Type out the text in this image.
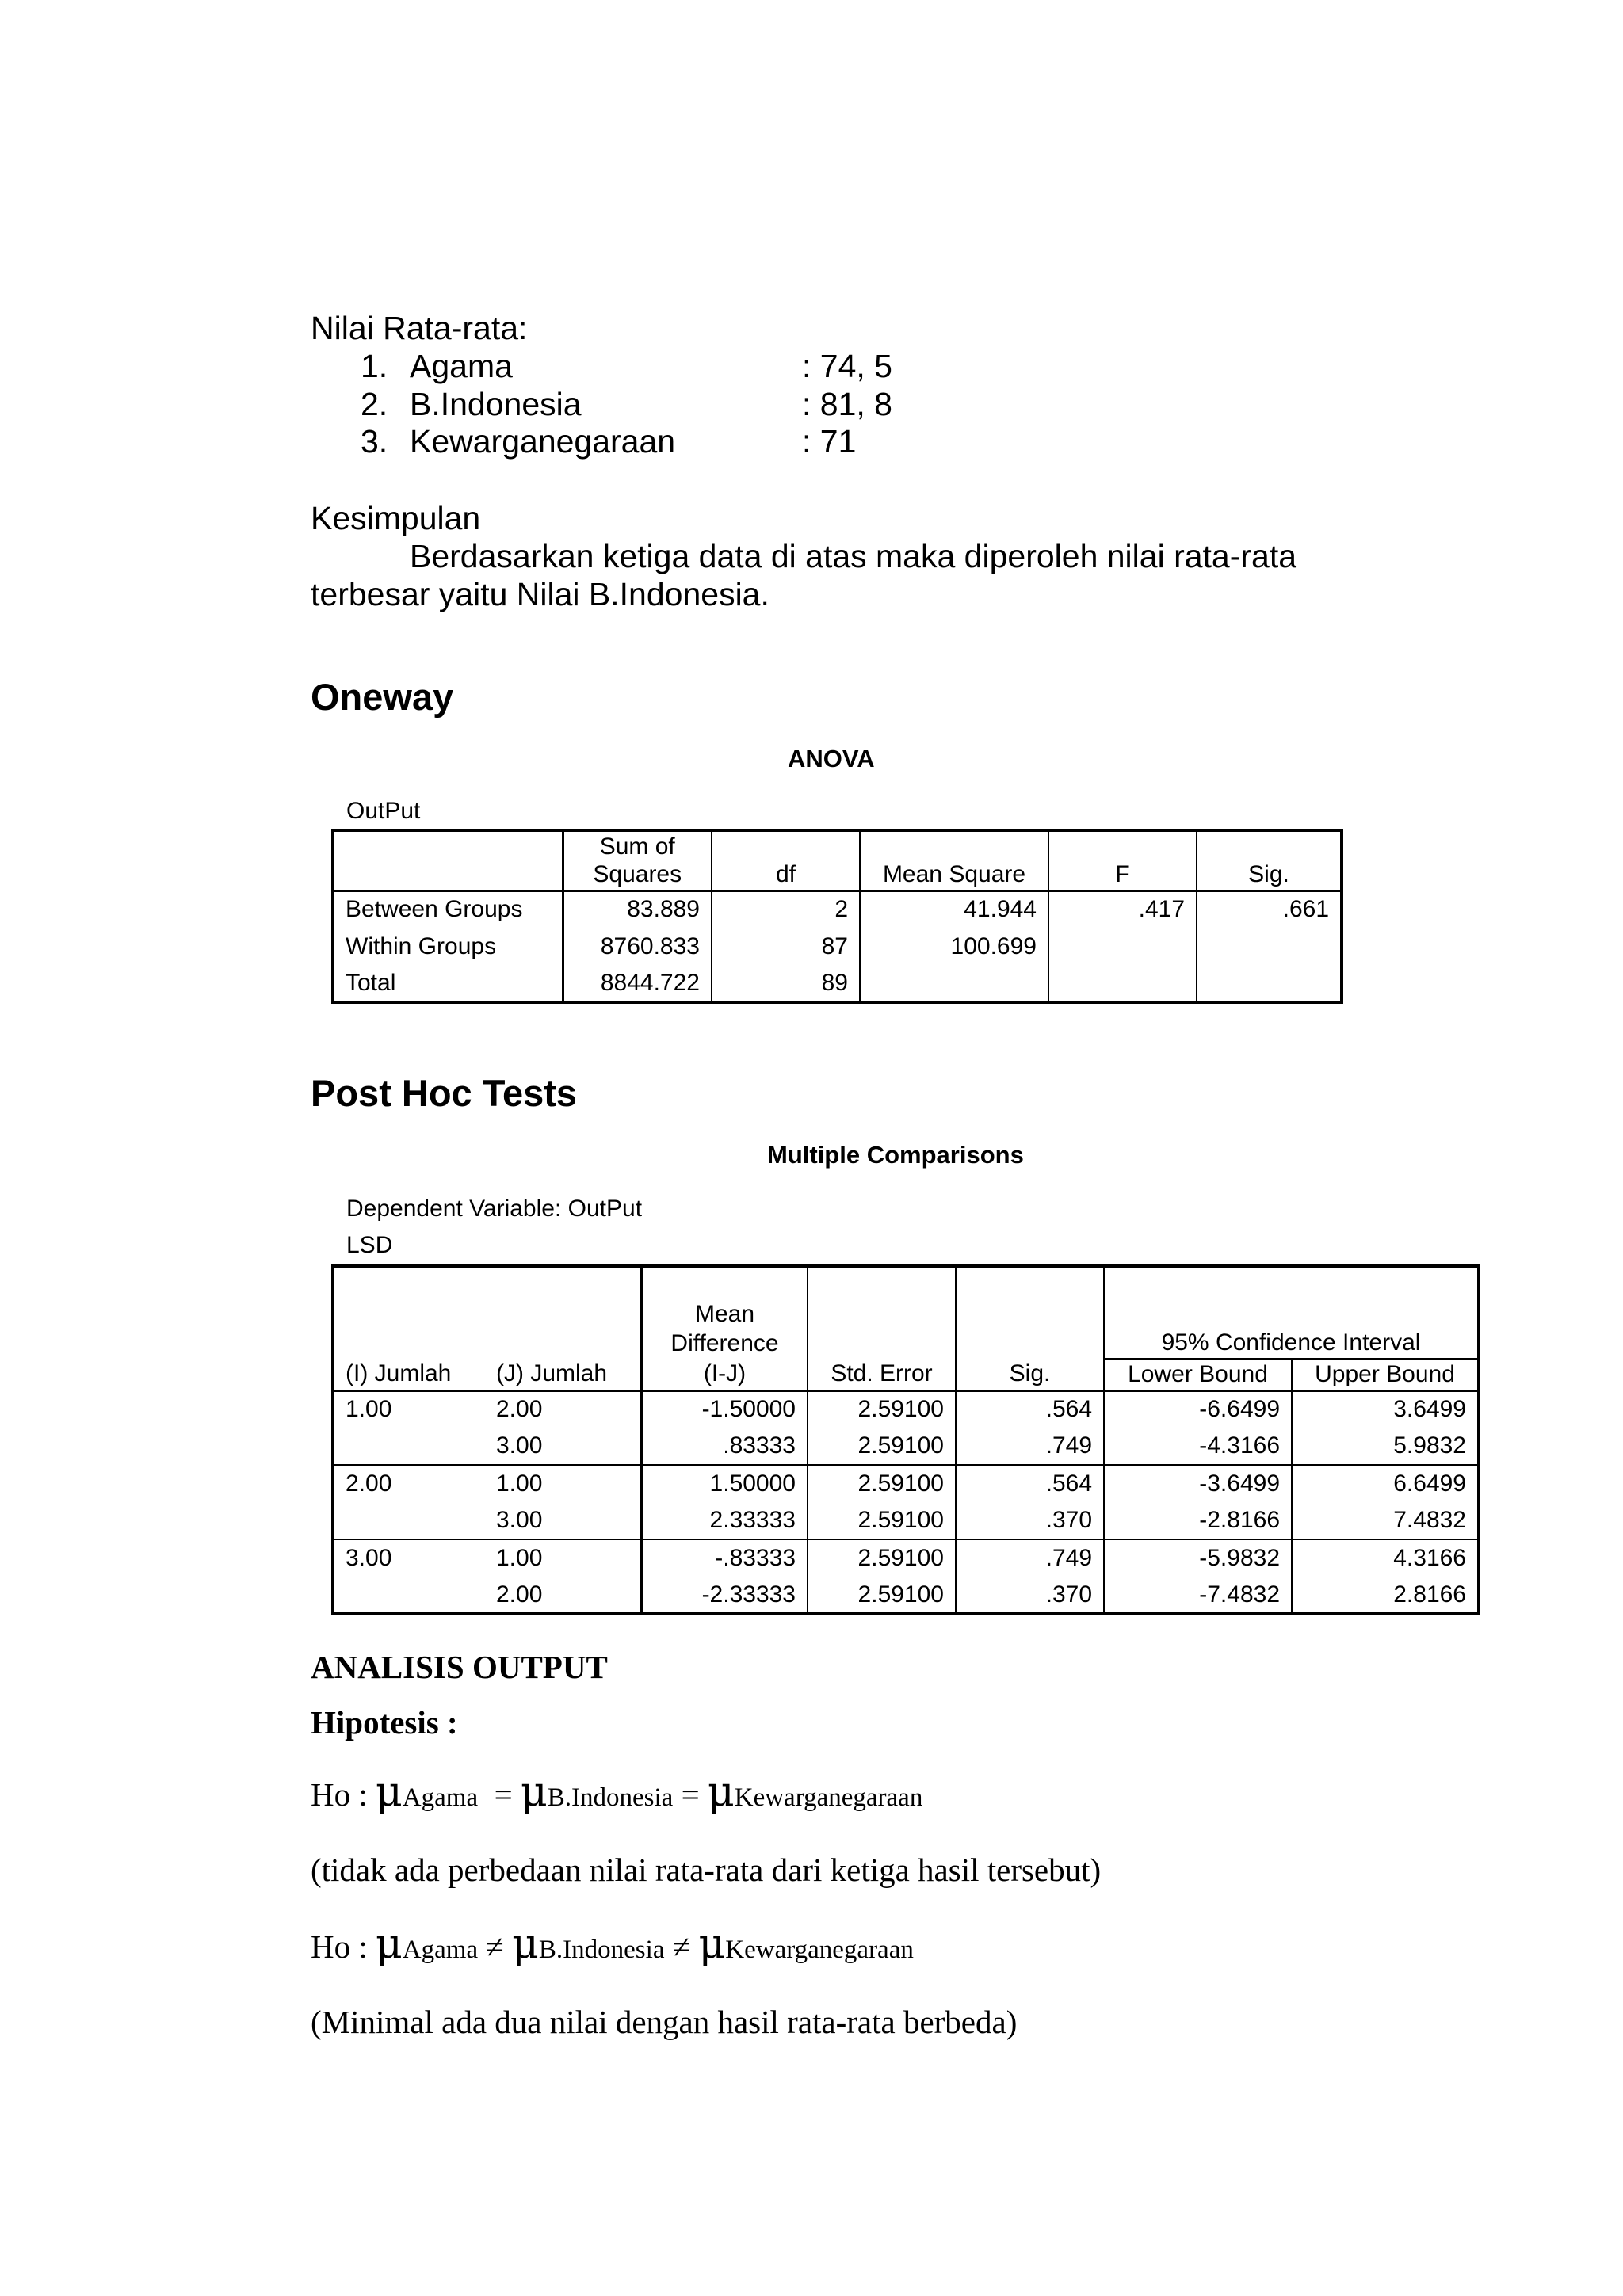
Nilai Rata-rata:
1. Agama	: 74, 5
2. B.Indonesia	: 81, 8
3. Kewarganegaraan	: 71
Kesimpulan
Berdasarkan ketiga data di atas maka diperoleh nilai rata-rata
terbesar yaitu Nilai B.Indonesia.
Oneway
ANOVA
OutPut
	Sum of				
	Squares	df	Mean Square	F	Sig.
Between Groups	83.889	2	41.944	.417	.661
Within Groups	8760.833	87	100.699		
Total	8844.722	89			
Post Hoc Tests
Multiple Comparisons
Dependent Variable: OutPut
LSD
		Mean				
		Difference			95% Confidence Interval	
(I) Jumlah	(J) Jumlah	(I-J)	Std. Error	Sig.	Lower Bound	Upper Bound
1.00	2.00	-1.50000	2.59100	.564	-6.6499	3.6499
	3.00	.83333	2.59100	.749	-4.3166	5.9832
2.00	1.00	1.50000	2.59100	.564	-3.6499	6.6499
	3.00	2.33333	2.59100	.370	-2.8166	7.4832
3.00	1.00	-.83333	2.59100	.749	-5.9832	4.3166
	2.00	-2.33333	2.59100	.370	-7.4832	2.8166
ANALISIS OUTPUT
Hipotesis :
Ho : μAgama = μB.Indonesia = μKewarganegaraan
(tidak ada perbedaan nilai rata-rata dari ketiga hasil tersebut)
Ho : μAgama ≠ μB.Indonesia ≠ μKewarganegaraan
(Minimal ada dua nilai dengan hasil rata-rata berbeda)
